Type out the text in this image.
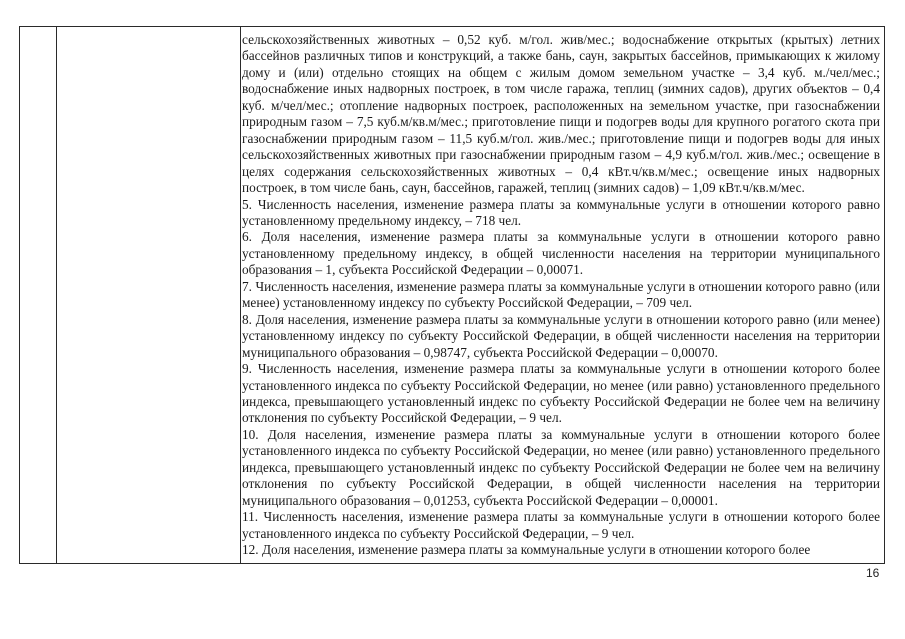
сельскохозяйственных животных – 0,52 куб. м/гол. жив/мес.; водоснабжение открытых (крытых) летних бассейнов различных типов и конструкций, а также бань, саун, закрытых бассейнов, примыкающих к жилому дому и (или) отдельно стоящих на общем с жилым домом земельном участке – 3,4 куб. м./чел/мес.; водоснабжение иных надворных построек, в том числе гаража, теплиц (зимних садов), других объектов – 0,4 куб. м/чел/мес.; отопление надворных построек, расположенных на земельном участке, при газоснабжении природным газом – 7,5 куб.м/кв.м/мес.; приготовление пищи и подогрев воды для крупного рогатого скота при газоснабжении природным газом – 11,5 куб.м/гол. жив./мес.; приготовление пищи и подогрев воды для иных сельскохозяйственных животных при газоснабжении природным газом – 4,9 куб.м/гол. жив./мес.; освещение в целях содержания сельскохозяйственных животных – 0,4 кВт.ч/кв.м/мес.; освещение иных надворных построек, в том числе бань, саун, бассейнов, гаражей, теплиц (зимних садов) – 1,09 кВт.ч/кв.м/мес.

5. Численность населения, изменение размера платы за коммунальные услуги в отношении которого равно установленному предельному индексу, – 718 чел.

6. Доля населения, изменение размера платы за коммунальные услуги в отношении которого равно установленному предельному индексу, в общей численности населения на территории муниципального образования – 1, субъекта Российской Федерации – 0,00071.

7. Численность населения, изменение размера платы за коммунальные услуги в отношении которого равно (или менее) установленному индексу по субъекту Российской Федерации, – 709 чел.

8. Доля населения, изменение размера платы за коммунальные услуги в отношении которого равно (или менее) установленному индексу по субъекту Российской Федерации, в общей численности населения на территории муниципального образования – 0,98747, субъекта Российской Федерации – 0,00070.

9. Численность населения, изменение размера платы за коммунальные услуги в отношении которого более установленного индекса по субъекту Российской Федерации, но менее (или равно) установленного предельного индекса, превышающего установленный индекс по субъекту Российской Федерации не более чем на величину отклонения по субъекту Российской Федерации, – 9 чел.

10. Доля населения, изменение размера платы за коммунальные услуги в отношении которого более установленного индекса по субъекту Российской Федерации, но менее (или равно) установленного предельного индекса, превышающего установленный индекс по субъекту Российской Федерации не более чем на величину отклонения по субъекту Российской Федерации, в общей численности населения на территории муниципального образования – 0,01253, субъекта Российской Федерации – 0,00001.

11. Численность населения, изменение размера платы за коммунальные услуги в отношении которого более установленного индекса по субъекту Российской Федерации, – 9 чел.

12. Доля населения, изменение размера платы за коммунальные услуги в отношении которого более

16
